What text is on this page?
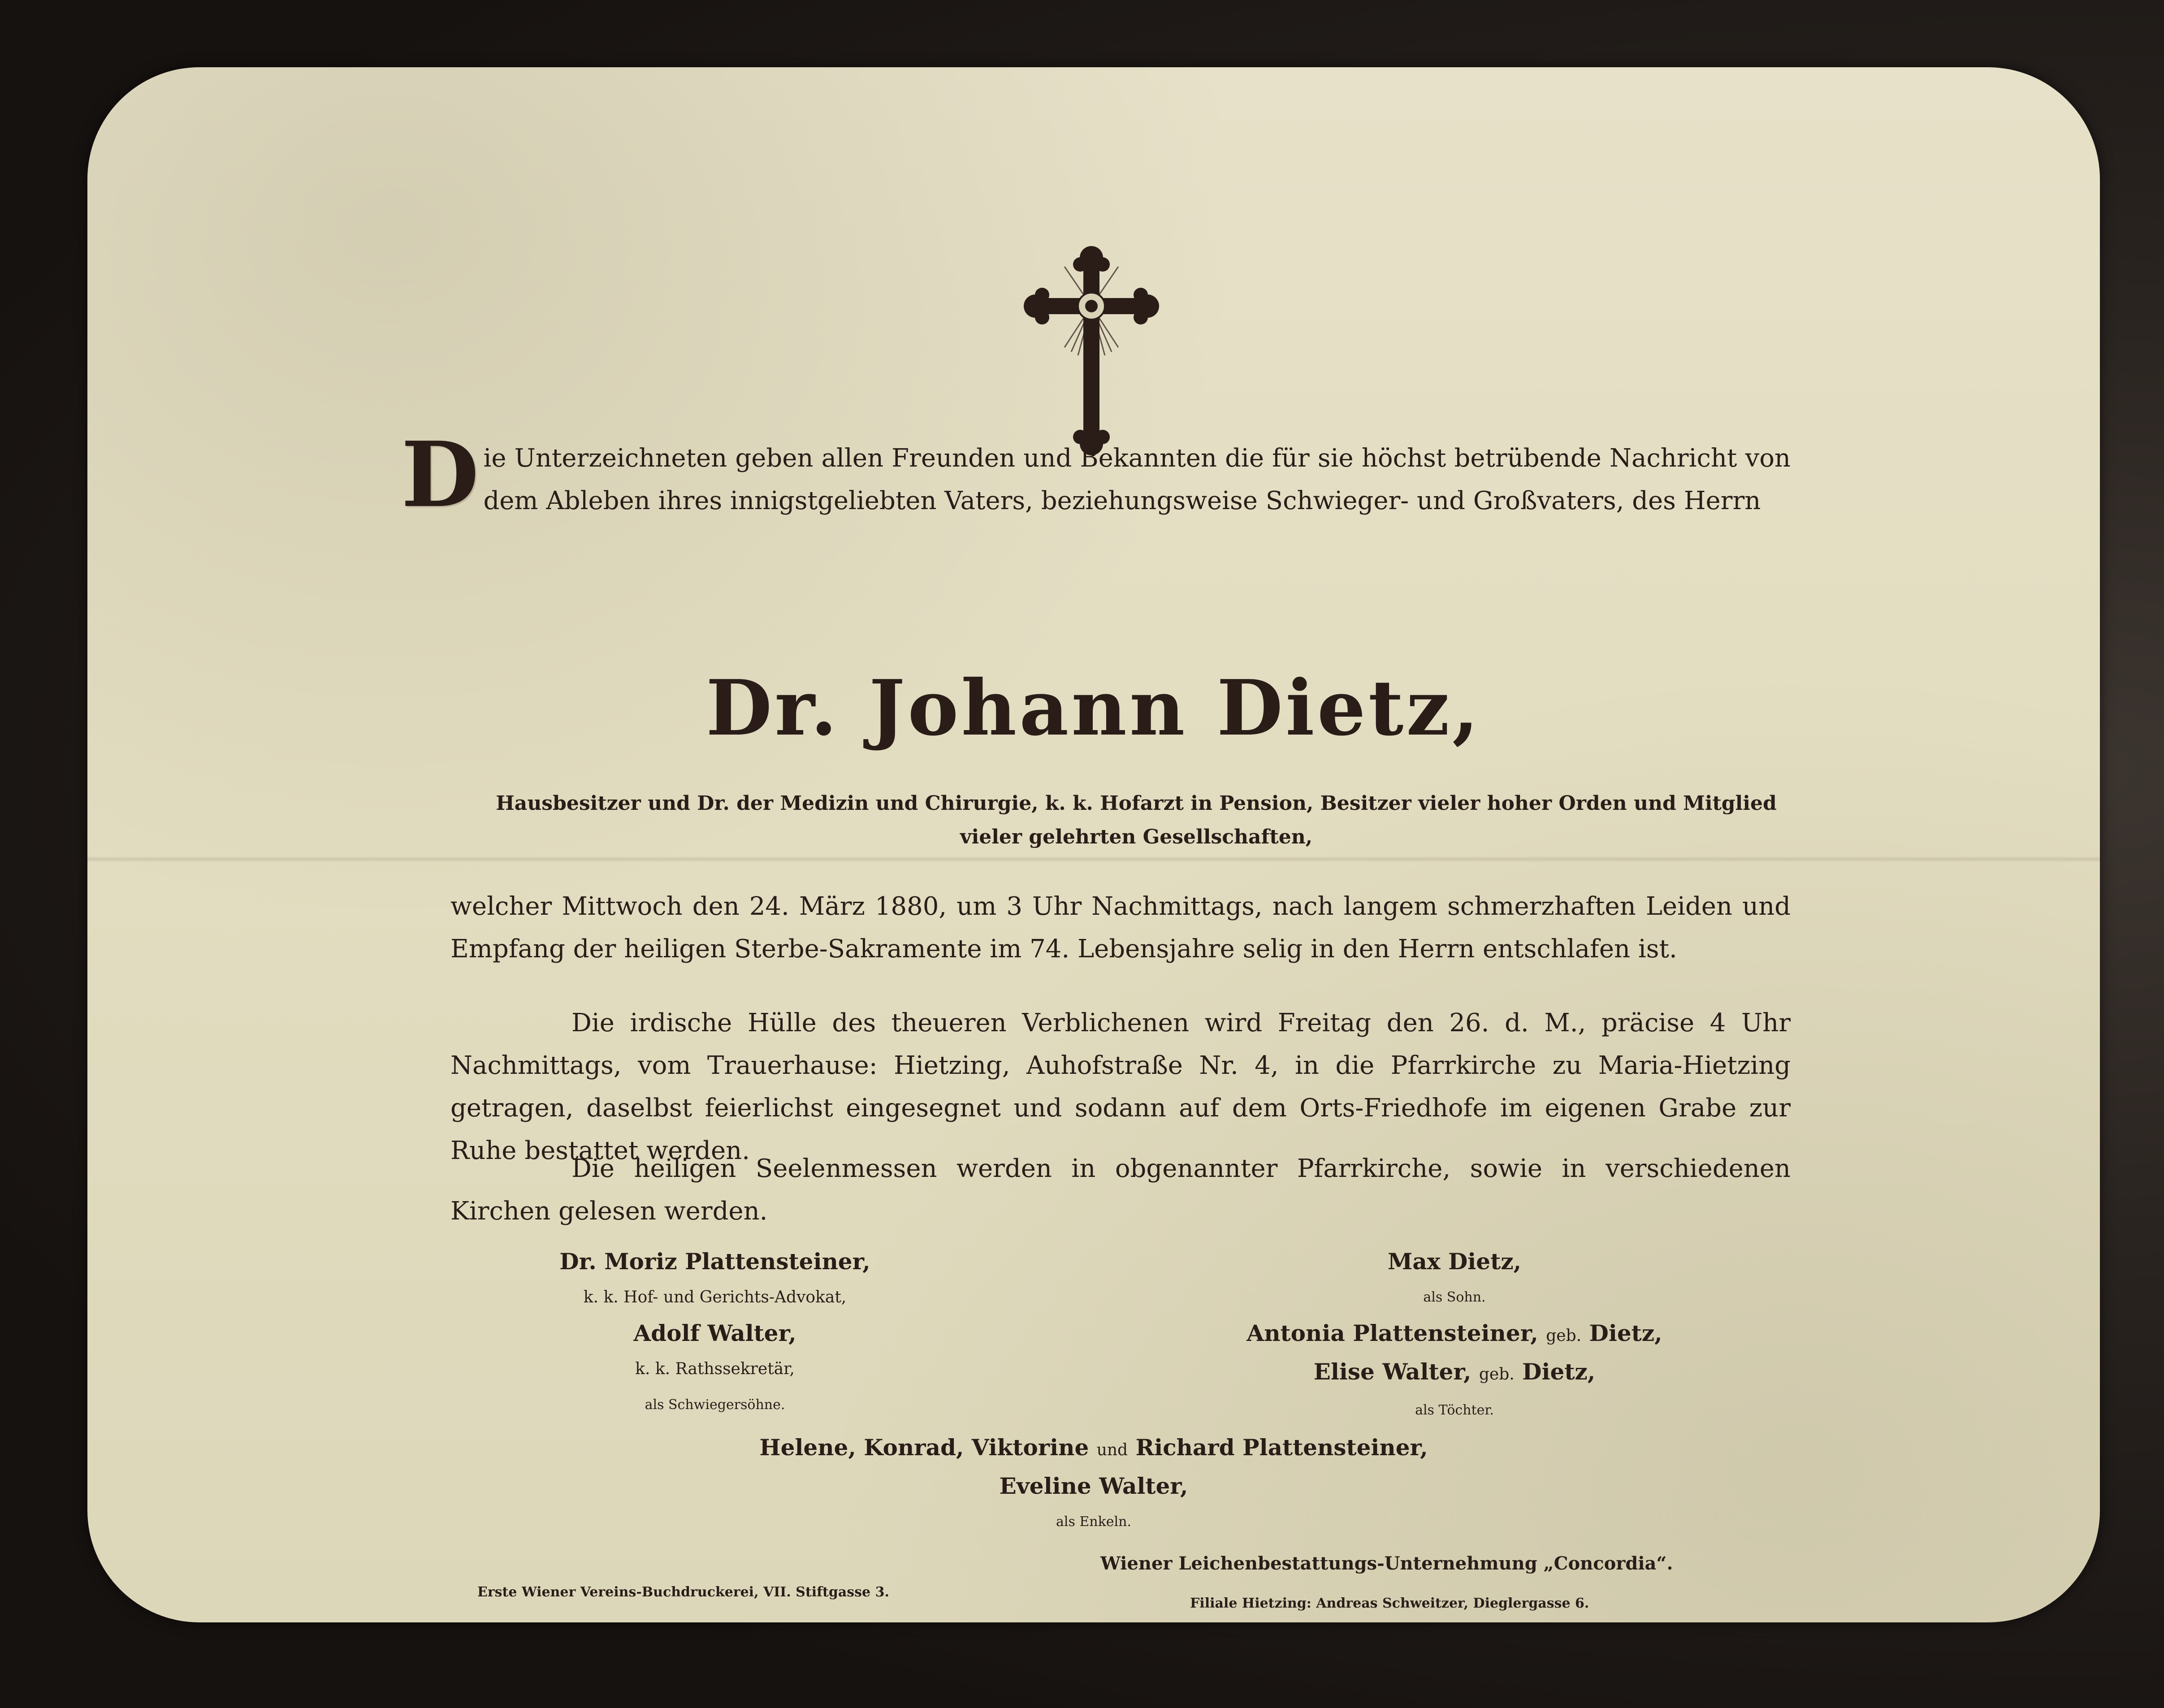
D ie Unterzeichneten geben allen Freunden und Bekannten die für sie höchst betrübende Nachricht von dem Ableben ihres innigstgeliebten Vaters, beziehungsweise Schwieger- und Großvaters, des Herrn

Dr. Johann Dietz,
Hausbesitzer und Dr. der Medizin und Chirurgie, k. k. Hofarzt in Pension, Besitzer vieler hoher Orden und Mitglied vieler gelehrten Gesellschaften,

welcher Mittwoch den 24. März 1880, um 3 Uhr Nachmittags, nach langem schmerzhaften Leiden und Empfang der heiligen Sterbe-Sakramente im 74. Lebensjahre selig in den Herrn entschlafen ist.

Die irdische Hülle des theueren Verblichenen wird Freitag den 26. d. M., präcise 4 Uhr Nachmittags, vom Trauerhause: Hietzing, Auhofstraße Nr. 4, in die Pfarrkirche zu Maria-Hietzing getragen, daselbst feierlichst eingesegnet und sodann auf dem Orts-Friedhofe im eigenen Grabe zur Ruhe bestattet werden.

Die heiligen Seelenmessen werden in obgenannter Pfarrkirche, sowie in verschiedenen Kirchen gelesen werden.

Dr. Moriz Plattensteiner,
k. k. Hof- und Gerichts-Advokat,
Adolf Walter,
k. k. Rathssekretär,
als Schwiegersöhne.
Max Dietz,
als Sohn.
Antonia Plattensteiner, geb. Dietz,
Elise Walter, geb. Dietz,
als Töchter.
Helene, Konrad, Viktorine und Richard Plattensteiner,
Eveline Walter,
als Enkeln.
Erste Wiener Vereins-Buchdruckerei, VII. Stiftgasse 3.
Wiener Leichenbestattungs-Unternehmung „Concordia“.
Filiale Hietzing: Andreas Schweitzer, Dieglergasse 6.
